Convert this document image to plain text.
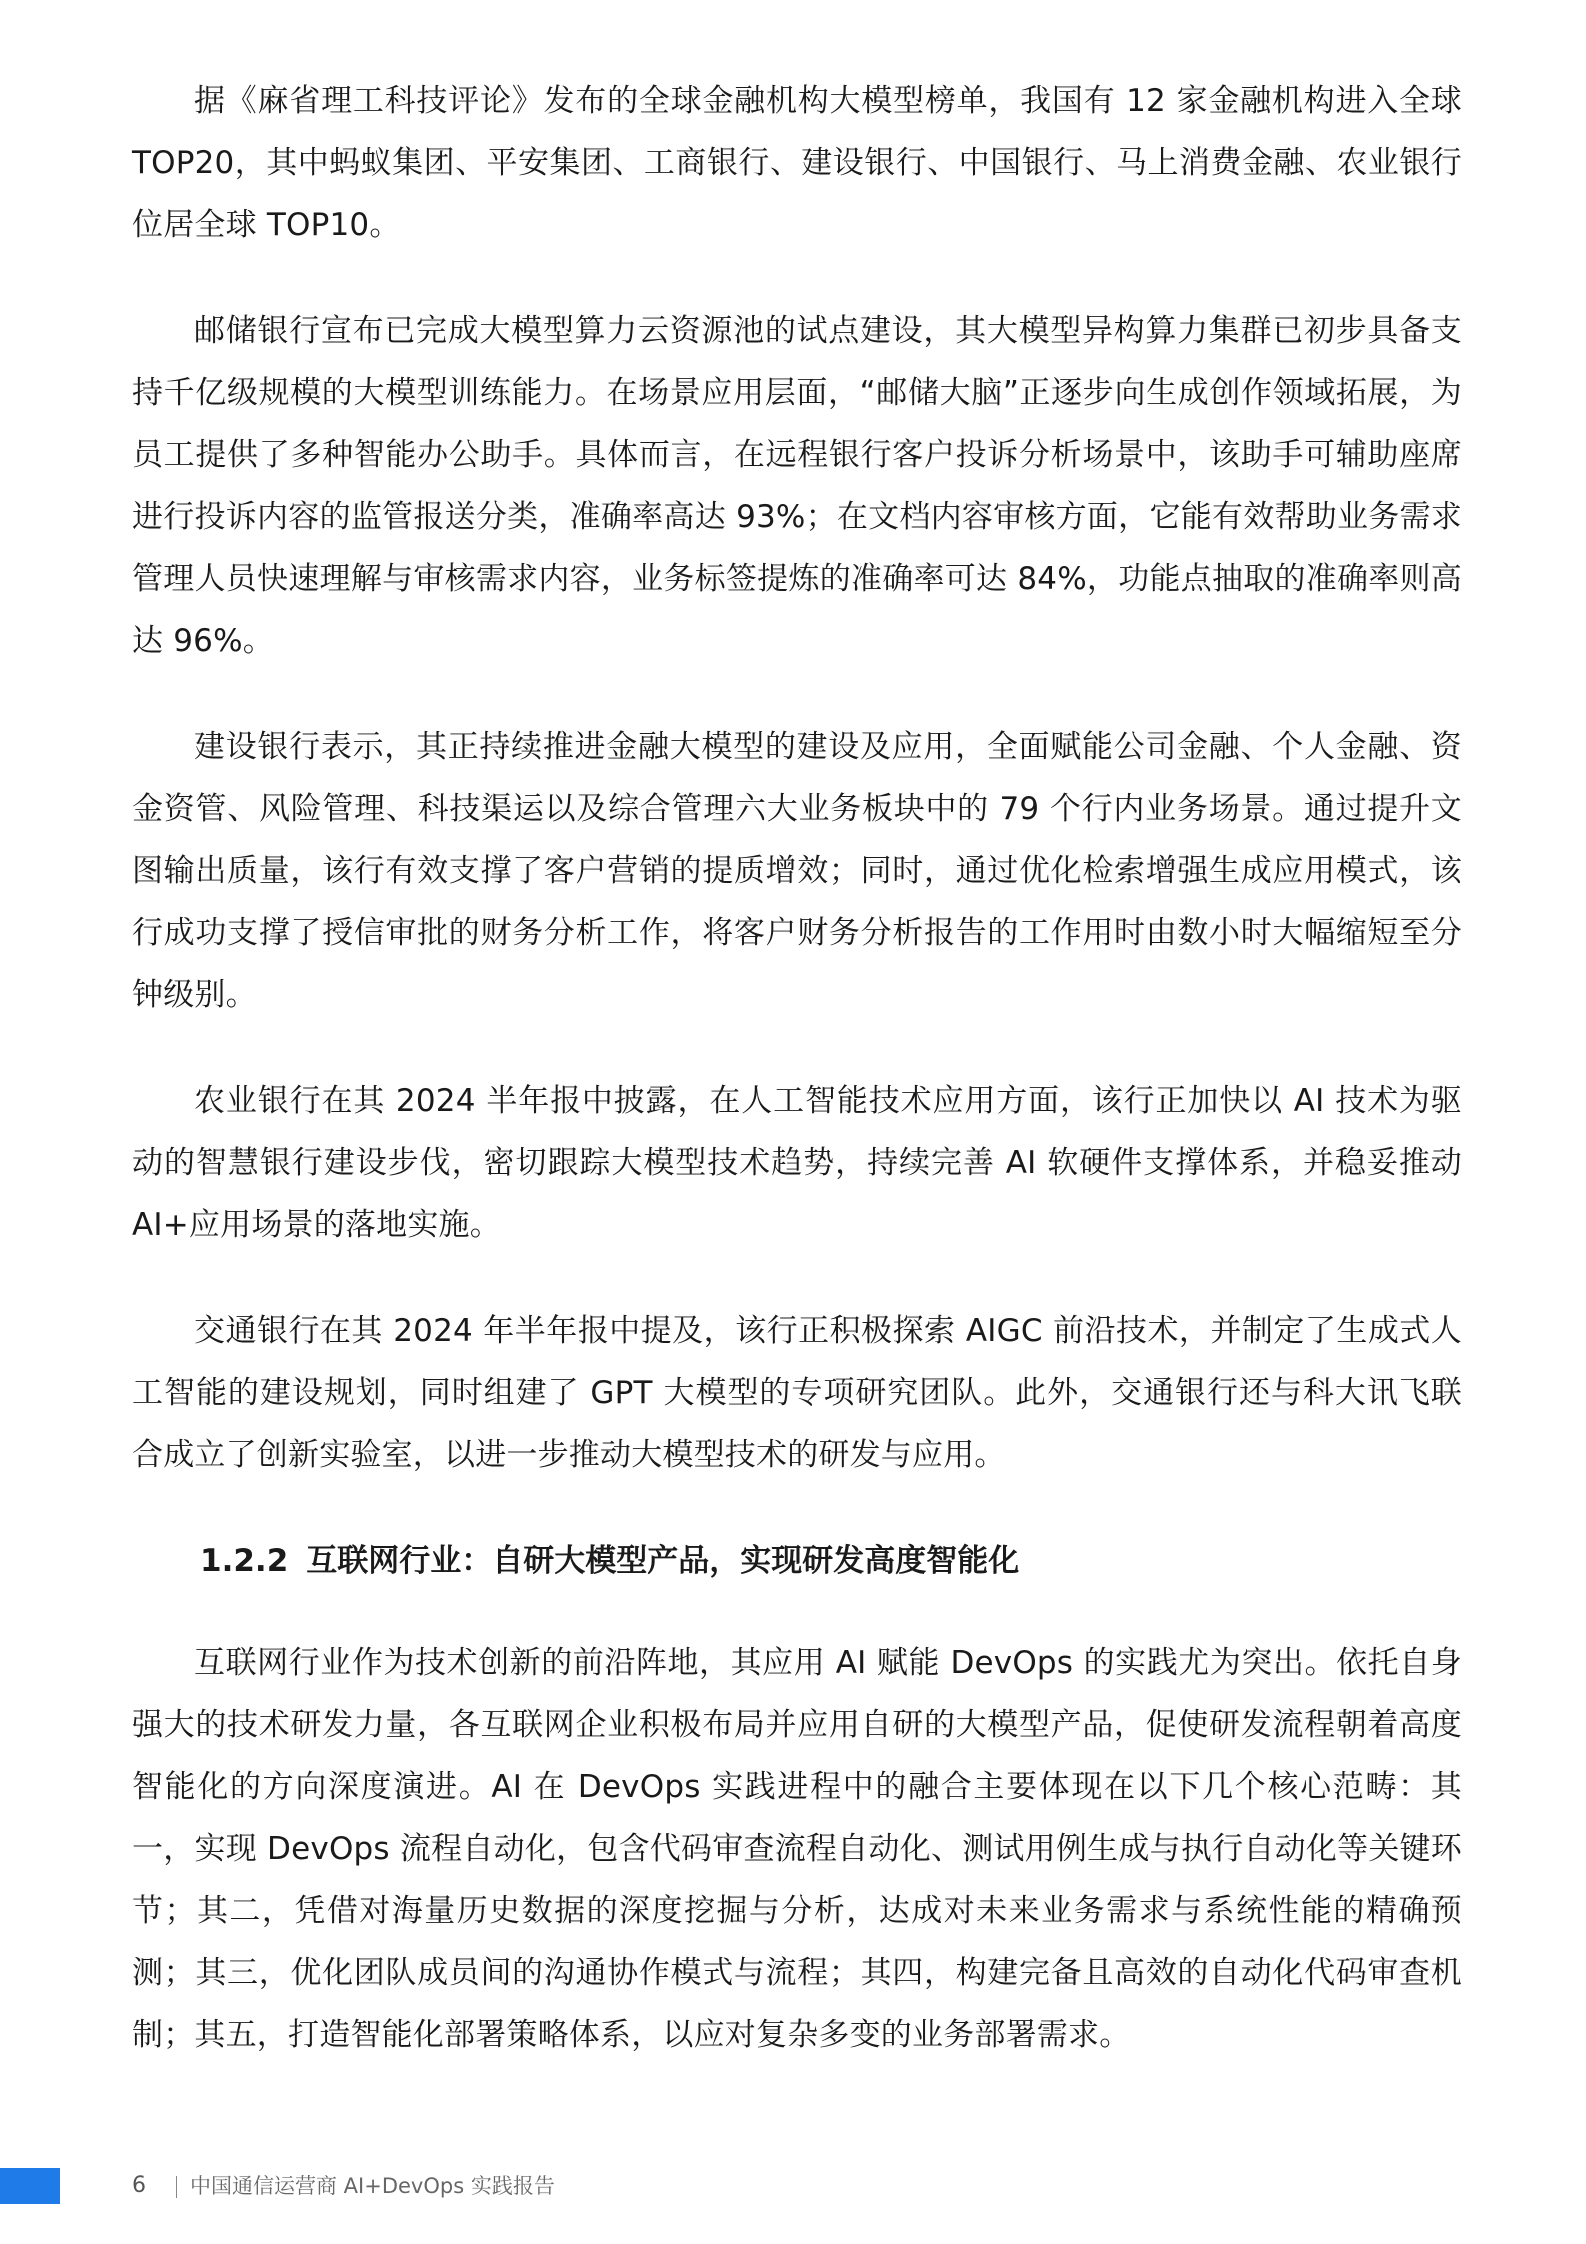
据《麻省理工科技评论》发布的全球金融机构大模型榜单，我国有 12 家金融机构进入全球 TOP20，其中蚂蚁集团、平安集团、工商银行、建设银行、中国银行、马上消费金融、农业银行位居全球 TOP10。

邮储银行宣布已完成大模型算力云资源池的试点建设，其大模型异构算力集群已初步具备支持千亿级规模的大模型训练能力。在场景应用层面，“邮储大脑”正逐步向生成创作领域拓展，为员工提供了多种智能办公助手。具体而言，在远程银行客户投诉分析场景中，该助手可辅助座席进行投诉内容的监管报送分类，准确率高达 93%；在文档内容审核方面，它能有效帮助业务需求管理人员快速理解与审核需求内容，业务标签提炼的准确率可达 84%，功能点抽取的准确率则高达 96%。

建设银行表示，其正持续推进金融大模型的建设及应用，全面赋能公司金融、个人金融、资金资管、风险管理、科技渠运以及综合管理六大业务板块中的 79 个行内业务场景。通过提升文图输出质量，该行有效支撑了客户营销的提质增效；同时，通过优化检索增强生成应用模式，该行成功支撑了授信审批的财务分析工作，将客户财务分析报告的工作用时由数小时大幅缩短至分钟级别。

农业银行在其 2024 半年报中披露，在人工智能技术应用方面，该行正加快以 AI 技术为驱动的智慧银行建设步伐，密切跟踪大模型技术趋势，持续完善 AI 软硬件支撑体系，并稳妥推动 AI+应用场景的落地实施。

交通银行在其 2024 年半年报中提及，该行正积极探索 AIGC 前沿技术，并制定了生成式人工智能的建设规划，同时组建了 GPT 大模型的专项研究团队。此外，交通银行还与科大讯飞联合成立了创新实验室，以进一步推动大模型技术的研发与应用。

1.2.2 互联网行业：自研大模型产品，实现研发高度智能化

互联网行业作为技术创新的前沿阵地，其应用 AI 赋能 DevOps 的实践尤为突出。依托自身强大的技术研发力量，各互联网企业积极布局并应用自研的大模型产品，促使研发流程朝着高度智能化的方向深度演进。AI 在 DevOps 实践进程中的融合主要体现在以下几个核心范畴：其一，实现 DevOps 流程自动化，包含代码审查流程自动化、测试用例生成与执行自动化等关键环节；其二，凭借对海量历史数据的深度挖掘与分析，达成对未来业务需求与系统性能的精确预测；其三，优化团队成员间的沟通协作模式与流程；其四，构建完备且高效的自动化代码审查机制；其五，打造智能化部署策略体系，以应对复杂多变的业务部署需求。

6 中国通信运营商 AI+DevOps 实践报告
